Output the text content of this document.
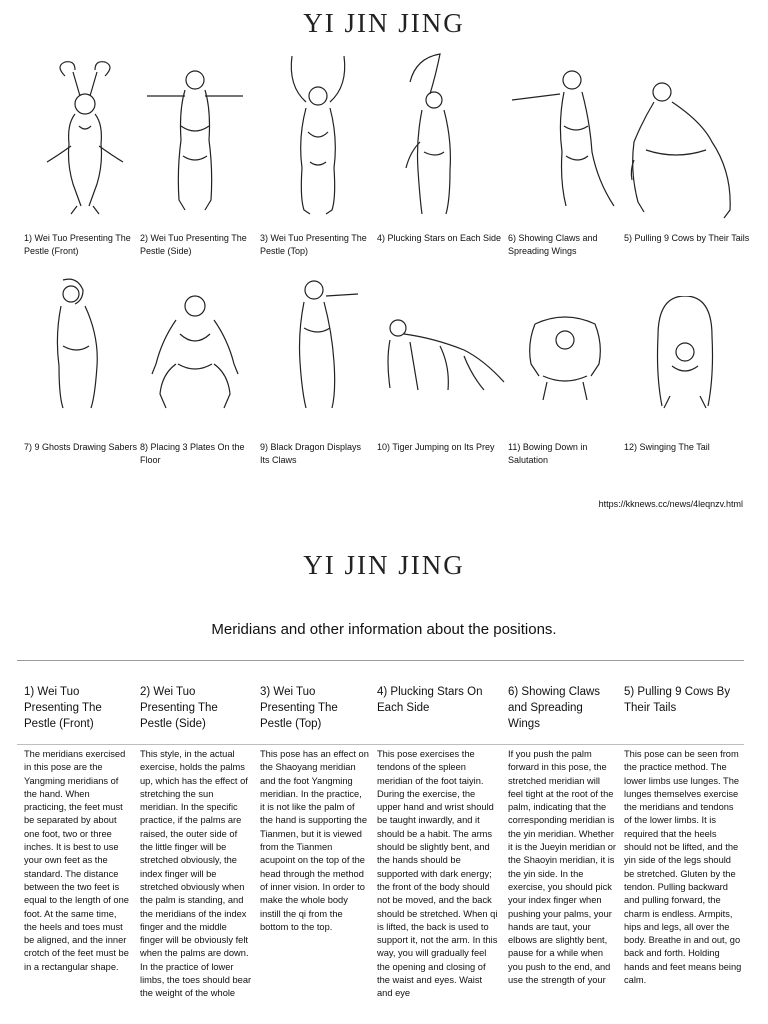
YI JIN JING
1) Wei Tuo Presenting The Pestle (Front)
2) Wei Tuo Presenting The Pestle (Side)
3) Wei Tuo Presenting The Pestle (Top)
4) Plucking Stars on Each Side 6) Showing Claws and Spreading Wings
5) Pulling 9 Cows by Their Tails
7) 9 Ghosts Drawing Sabers 8) Placing 3 Plates On the Floor
9) Black Dragon Displays Its Claws
10) Tiger Jumping on Its Prey	11) Bowing Down in Salutation
12) Swinging The Tail
https://kknews.cc/news/4leqnzv.html
YI JIN JING
Meridians and other information about the positions.
1) Wei Tuo Presenting The Pestle (Front)
2) Wei Tuo Presenting The Pestle (Side)
3) Wei Tuo Presenting The Pestle (Top)
4) Plucking Stars On Each Side
6) Showing Claws and Spreading Wings
5) Pulling 9 Cows By Their Tails
The meridians exercised in this pose are the Yangming meridians of the hand. When practicing, the feet must be separated by about one foot, two or three inches. It is best to use your own feet as the standard. The distance between the two feet is equal to the length of one foot. At the same time, the heels and toes must be aligned, and the inner crotch of the feet must be in a rectangular shape.
This style, in the actual exercise, holds the palms up, which has the effect of stretching the sun meridian. In the specific practice, if the palms are raised, the outer side of the little finger will be stretched obviously, the index finger will be stretched obviously when the palm is standing, and the meridians of the index finger and the middle finger will be obviously felt when the palms are down. In the practice of lower limbs, the toes should bear the weight of the whole
This pose has an effect on the Shaoyang meridian and the foot Yangming meridian. In the practice, it is not like the palm of the hand is supporting the Tianmen, but it is viewed from the Tianmen acupoint on the top of the head through the method of inner vision. In order to make the whole body instill the qi from the bottom to the top.
This pose exercises the tendons of the spleen meridian of the foot taiyin. During the exercise, the upper hand and wrist should be taught inwardly, and it should be a habit. The arms should be slightly bent, and the hands should be supported with dark energy; the front of the body should not be moved, and the back should be stretched. When qi is lifted, the back is used to support it, not the arm. In this way, you will gradually feel the opening and closing of the waist and eyes. Waist and eye
If you push the palm forward in this pose, the stretched meridian will feel tight at the root of the palm, indicating that the corresponding meridian is the yin meridian. Whether it is the Jueyin meridian or the Shaoyin meridian, it is the yin side. In the exercise, you should pick your index finger when pushing your palms, your hands are taut, your elbows are slightly bent, pause for a while when you push to the end, and use the strength of your
This pose can be seen from the practice method. The lower limbs use lunges. The lunges themselves exercise the meridians and tendons of the lower limbs. It is required that the heels should not be lifted, and the yin side of the legs should be stretched. Gluten by the tendon. Pulling backward and pulling forward, the charm is endless. Armpits, hips and legs, all over the body. Breathe in and out, go back and forth. Holding hands and feet means being calm.
